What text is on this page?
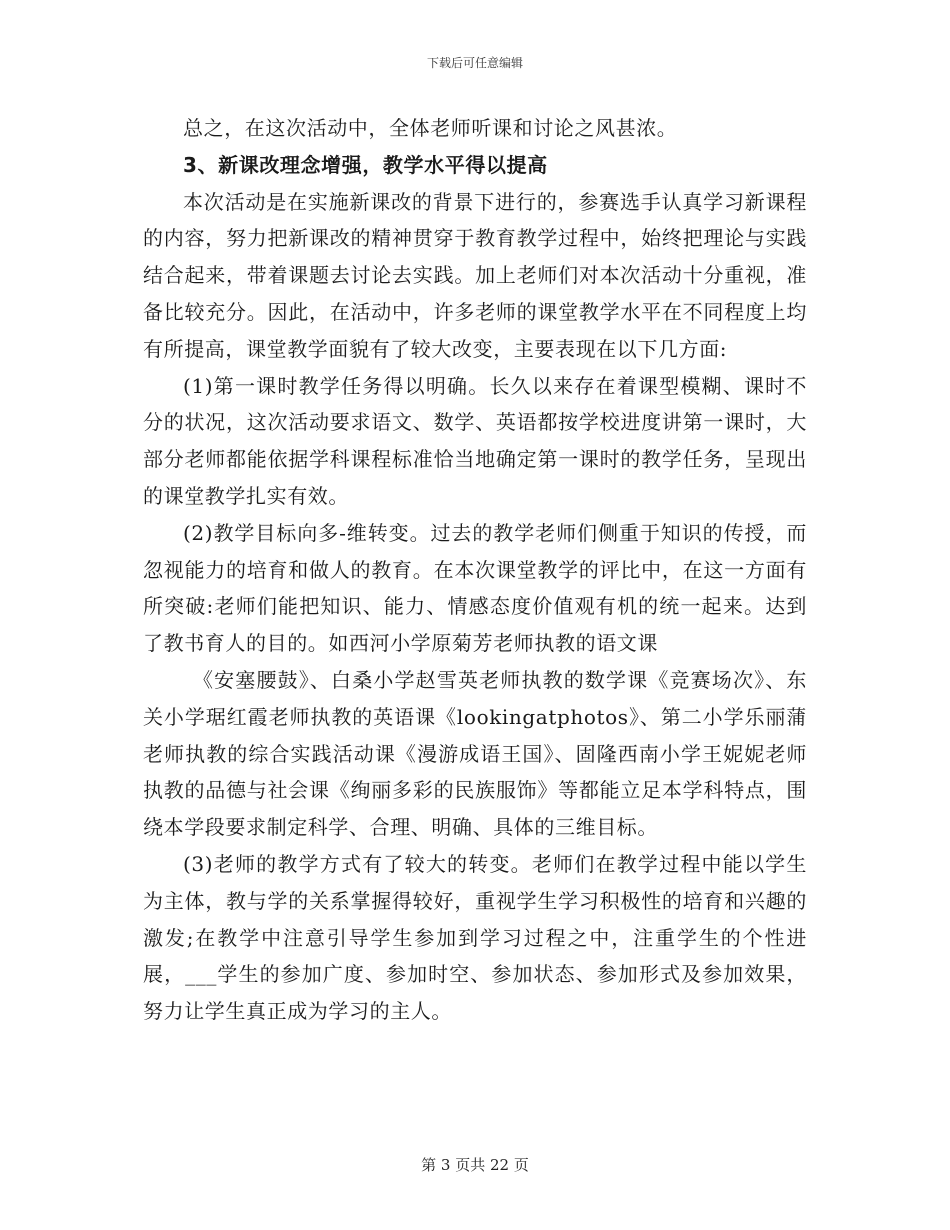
下载后可任意编辑

总之，在这次活动中，全体老师听课和讨论之风甚浓。

3、新课改理念增强，教学水平得以提高

本次活动是在实施新课改的背景下进行的，参赛选手认真学习新课程的内容，努力把新课改的精神贯穿于教育教学过程中，始终把理论与实践结合起来，带着课题去讨论去实践。加上老师们对本次活动十分重视，准备比较充分。因此，在活动中，许多老师的课堂教学水平在不同程度上均有所提高，课堂教学面貌有了较大改变，主要表现在以下几方面:

(1)第一课时教学任务得以明确。长久以来存在着课型模糊、课时不分的状况，这次活动要求语文、数学、英语都按学校进度讲第一课时，大部分老师都能依据学科课程标准恰当地确定第一课时的教学任务，呈现出的课堂教学扎实有效。

(2)教学目标向多-维转变。过去的教学老师们侧重于知识的传授，而忽视能力的培育和做人的教育。在本次课堂教学的评比中，在这一方面有所突破:老师们能把知识、能力、情感态度价值观有机的统一起来。达到了教书育人的目的。如西河小学原菊芳老师执教的语文课

《安塞腰鼓》、白桑小学赵雪英老师执教的数学课《竞赛场次》、东关小学琚红霞老师执教的英语课《lookingatphotos》、第二小学乐丽蒲老师执教的综合实践活动课《漫游成语王国》、固隆西南小学王妮妮老师执教的品德与社会课《绚丽多彩的民族服饰》等都能立足本学科特点，围绕本学段要求制定科学、合理、明确、具体的三维目标。

(3)老师的教学方式有了较大的转变。老师们在教学过程中能以学生为主体，教与学的关系掌握得较好，重视学生学习积极性的培育和兴趣的激发;在教学中注意引导学生参加到学习过程之中，注重学生的个性进展，___学生的参加广度、参加时空、参加状态、参加形式及参加效果，努力让学生真正成为学习的主人。

第 3 页共 22 页
